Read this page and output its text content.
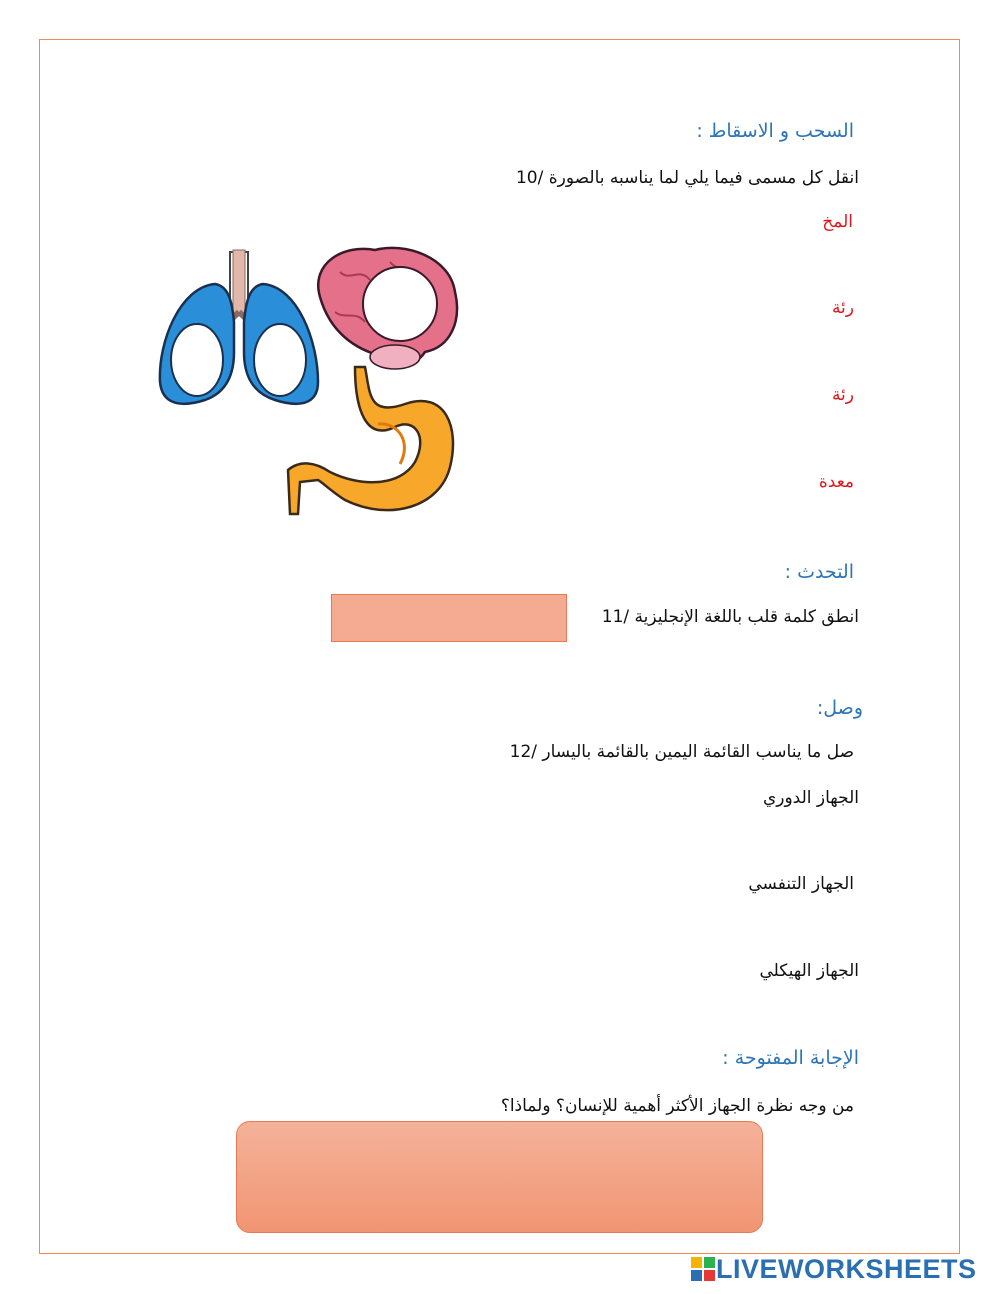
السحب و الاسقاط :
انقل كل مسمى فيما يلي لما يناسبه بالصورة /10
المخ
رئة
رئة
معدة
التحدث :
انطق كلمة قلب باللغة الإنجليزية /11
وصل:
صل ما يناسب القائمة اليمين بالقائمة باليسار /12
الجهاز الدوري
الجهاز التنفسي
الجهاز الهيكلي
الإجابة المفتوحة :
من وجه نظرة الجهاز الأكثر أهمية للإنسان؟ ولماذا؟
LIVEWORKSHEETS
